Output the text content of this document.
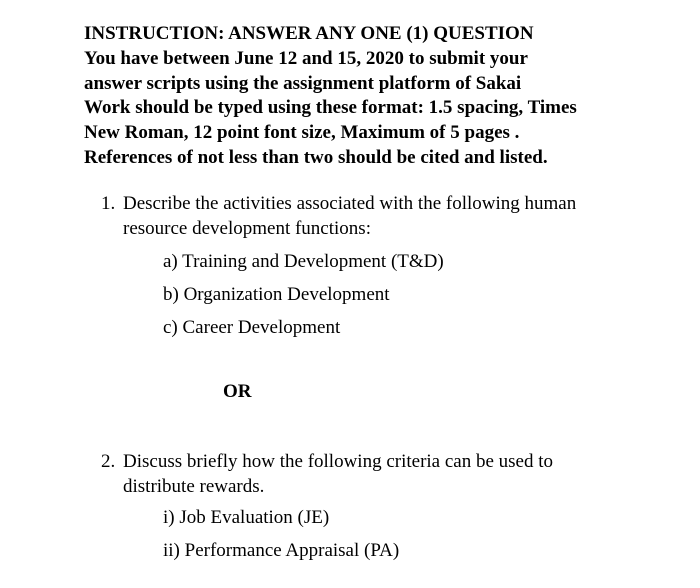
INSTRUCTION: ANSWER ANY ONE (1) QUESTION
You have between June 12 and 15, 2020 to submit your
answer scripts using the assignment platform of Sakai
Work should be typed using these format: 1.5 spacing, Times
New Roman, 12 point font size, Maximum of 5 pages .
References of not less than two should be cited and listed.
1. Describe the activities associated with the following human
resource development functions:
a) Training and Development (T&D)
b) Organization Development
c) Career Development
OR
2. Discuss briefly how the following criteria can be used to
distribute rewards.
i) Job Evaluation (JE)
ii) Performance Appraisal (PA)
